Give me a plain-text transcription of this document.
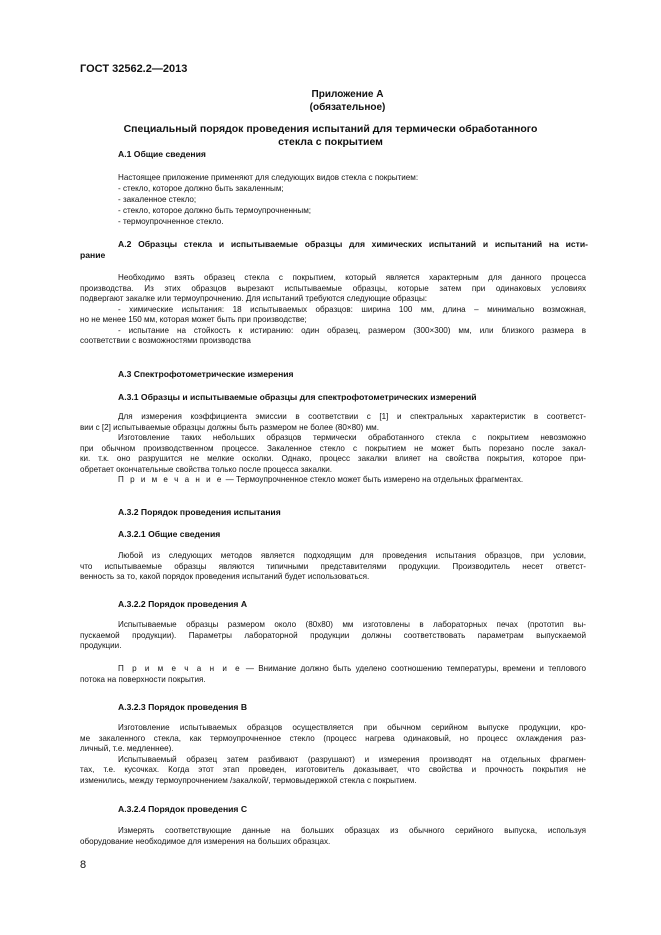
ГОСТ 32562.2—2013
Приложение А
(обязательное)
Специальный порядок проведения испытаний для термически обработанного
стекла с покрытием
А.1 Общие сведения
Настоящее приложение применяют для следующих видов стекла с покрытием:
- стекло, которое должно быть закаленным;
- закаленное стекло;
- стекло, которое должно быть термоупрочненным;
- термоупрочненное стекло.
А.2 Образцы стекла и испытываемые образцы для химических испытаний и испытаний на исти-
рание
Необходимо взять образец стекла с покрытием, который является характерным для данного процесса
производства. Из этих образцов вырезают испытываемые образцы, которые затем при одинаковых условиях
подвергают закалке или термоупрочнению. Для испытаний требуются следующие образцы:
- химические испытания: 18 испытываемых образцов: ширина 100 мм, длина – минимально возможная,
но не менее 150 мм, которая может быть при производстве;
- испытание на стойкость к истиранию: один образец, размером (300×300) мм, или близкого размера в
соответствии с возможностями производства
А.3 Спектрофотометрические измерения
А.3.1 Образцы и испытываемые образцы для спектрофотометрических измерений
Для измерения коэффициента эмиссии в соответствии с [1] и спектральных характеристик в соответст-
вии с [2] испытываемые образцы должны быть размером не более (80×80) мм.
Изготовление таких небольших образцов термически обработанного стекла с покрытием невозможно
при обычном производственном процессе. Закаленное стекло с покрытием не может быть порезано после закал-
ки. т.к. оно разрушится не мелкие осколки. Однако, процесс закалки влияет на свойства покрытия, которое при-
обретает окончательные свойства только после процесса закалки.
П р и м е ч а н и е — Термоупрочненное стекло может быть измерено на отдельных фрагментах.
А.3.2 Порядок проведения испытания
А.3.2.1 Общие сведения
Любой из следующих методов является подходящим для проведения испытания образцов, при условии,
что испытываемые образцы являются типичными представителями продукции. Производитель несет ответст-
венность за то, какой порядок проведения испытаний будет использоваться.
А.3.2.2 Порядок проведения А
Испытываемые образцы размером около (80х80) мм изготовлены в лабораторных печах (прототип вы-
пускаемой продукции). Параметры лабораторной продукции должны соответствовать параметрам выпускаемой
продукции.
П р и м е ч а н и е — Внимание должно быть уделено соотношению температуры, времени и теплового
потока на поверхности покрытия.
А.3.2.3 Порядок проведения В
Изготовление испытываемых образцов осуществляется при обычном серийном выпуске продукции, кро-
ме закаленного стекла, как термоупрочненное стекло (процесс нагрева одинаковый, но процесс охлаждения раз-
личный, т.е. медленнее).
Испытываемый образец затем разбивают (разрушают) и измерения производят на отдельных фрагмен-
тах, т.е. кусочках. Когда этот этап проведен, изготовитель доказывает, что свойства и прочность покрытия не
изменились, между термоупрочнением /закалкой/, термовыдержкой стекла с покрытием.
А.3.2.4 Порядок проведения С
Измерять соответствующие данные на больших образцах из обычного серийного выпуска, используя
оборудование необходимое для измерения на больших образцах.
8
